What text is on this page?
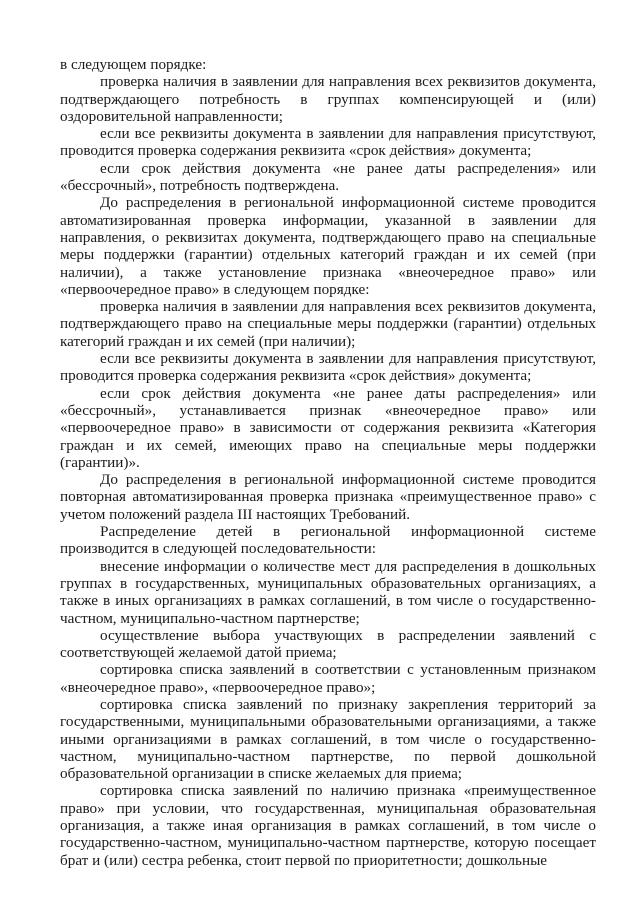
в следующем порядке:

проверка наличия в заявлении для направления всех реквизитов документа, подтверждающего потребность в группах компенсирующей и (или) оздоровительной направленности;

если все реквизиты документа в заявлении для направления присутствуют, проводится проверка содержания реквизита «срок действия» документа;

если срок действия документа «не ранее даты распределения» или «бессрочный», потребность подтверждена.

До распределения в региональной информационной системе проводится автоматизированная проверка информации, указанной в заявлении для направления, о реквизитах документа, подтверждающего право на специальные меры поддержки (гарантии) отдельных категорий граждан и их семей (при наличии), а также установление признака «внеочередное право» или «первоочередное право» в следующем порядке:

проверка наличия в заявлении для направления всех реквизитов документа, подтверждающего право на специальные меры поддержки (гарантии) отдельных категорий граждан и их семей (при наличии);

если все реквизиты документа в заявлении для направления присутствуют, проводится проверка содержания реквизита «срок действия» документа;

если срок действия документа «не ранее даты распределения» или «бессрочный», устанавливается признак «внеочередное право» или «первоочередное право» в зависимости от содержания реквизита «Категория граждан и их семей, имеющих право на специальные меры поддержки (гарантии)».

До распределения в региональной информационной системе проводится повторная автоматизированная проверка признака «преимущественное право» с учетом положений раздела III настоящих Требований.

Распределение детей в региональной информационной системе производится в следующей последовательности:

внесение информации о количестве мест для распределения в дошкольных группах в государственных, муниципальных образовательных организациях, а также в иных организациях в рамках соглашений, в том числе о государственно-частном, муниципально-частном партнерстве;

осуществление выбора участвующих в распределении заявлений с соответствующей желаемой датой приема;

сортировка списка заявлений в соответствии с установленным признаком «внеочередное право», «первоочередное право»;

сортировка списка заявлений по признаку закрепления территорий за государственными, муниципальными образовательными организациями, а также иными организациями в рамках соглашений, в том числе о государственно-частном, муниципально-частном партнерстве, по первой дошкольной образовательной организации в списке желаемых для приема;

сортировка списка заявлений по наличию признака «преимущественное право» при условии, что государственная, муниципальная образовательная организация, а также иная организация в рамках соглашений, в том числе о государственно-частном, муниципально-частном партнерстве, которую посещает брат и (или) сестра ребенка, стоит первой по приоритетности; дошкольные
